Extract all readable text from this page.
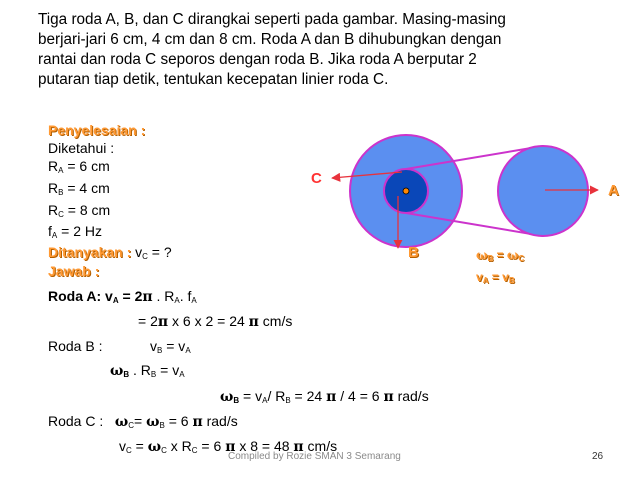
Tiga roda A, B, dan C dirangkai seperti pada gambar. Masing-masing
berjari-jari 6 cm, 4 cm dan 8 cm. Roda A dan B dihubungkan dengan
rantai dan roda C seporos dengan roda B. Jika roda A berputar 2
putaran tiap detik, tentukan kecepatan linier roda C.
Penyelesaian :
Diketahui :
$R_A = 6$ cm
$R_B = 4$ cm
$R_C = 8$ cm
$f_A = 2$ Hz
Ditanyakan : $v_C$ = ?
Jawab :
Roda A: $v_A = 2\pi$ . $R_A$. $f_A$
= 2π x 6 x 2 = 24 π cm/s
Roda B :	$v_B = v_A$
$\omega_B$ . $R_B = v_A$
$\omega_B = v_A/$ $R_B = 24$ π / 4 = 6 π rad/s
Roda C : $\omega_C= \omega_B = 6$ π rad/s
$v_C = \omega_C$ x $R_C = 6$ π x 8 = 48 π cm/s
C
A
B	$\omega_B = \omega_C$
$v_A = v_B$
Compiled by Rozie SMAN 3 Semarang	26
